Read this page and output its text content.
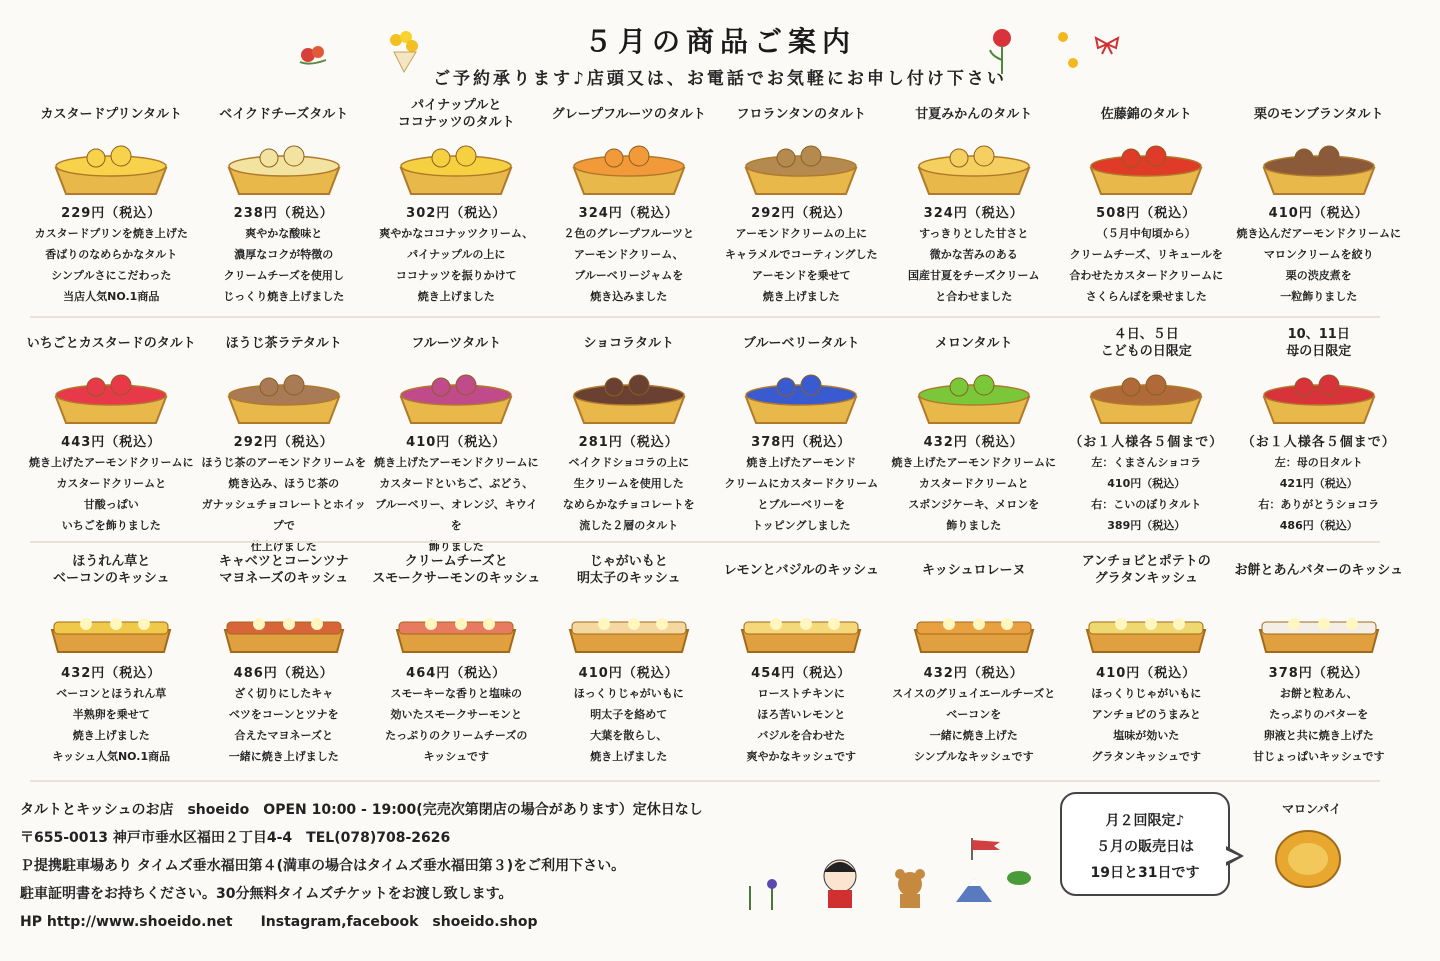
５月の商品ご案内
ご予約承ります♪店頭又は、お電話でお気軽にお申し付け下さい
カスタードプリンタルト
229円（税込）
カスタードプリンを焼き上げた
香ばりのなめらかなタルト
シンプルさにこだわった
当店人気NO.1商品
ベイクドチーズタルト
238円（税込）
爽やかな酸味と
濃厚なコクが特徴の
クリームチーズを使用し
じっくり焼き上げました
パイナップルと
ココナッツのタルト
302円（税込）
爽やかなココナッツクリーム、
パイナップルの上に
ココナッツを振りかけて
焼き上げました
グレープフルーツのタルト
324円（税込）
２色のグレープフルーツと
アーモンドクリーム、
ブルーベリージャムを
焼き込みました
フロランタンのタルト
292円（税込）
アーモンドクリームの上に
キャラメルでコーティングした
アーモンドを乗せて
焼き上げました
甘夏みかんのタルト
324円（税込）
すっきりとした甘さと
微かな苦みのある
国産甘夏をチーズクリーム
と合わせました
佐藤錦のタルト
508円（税込）
（５月中旬頃から）
クリームチーズ、リキュールを
合わせたカスタードクリームに
さくらんぼを乗せました
栗のモンブランタルト
410円（税込）
焼き込んだアーモンドクリームに
マロンクリームを絞り
栗の渋皮煮を
一粒飾りました
いちごとカスタードのタルト
443円（税込）
焼き上げたアーモンドクリームに
カスタードクリームと
甘酸っぱい
いちごを飾りました
ほうじ茶ラテタルト
292円（税込）
ほうじ茶のアーモンドクリームを
焼き込み、ほうじ茶の
ガナッシュチョコレートとホイップで
仕上げました
フルーツタルト
410円（税込）
焼き上げたアーモンドクリームに
カスタードといちご、ぶどう、
ブルーベリー、オレンジ、キウイを
飾りました
ショコラタルト
281円（税込）
ベイクドショコラの上に
生クリームを使用した
なめらかなチョコレートを
流した２層のタルト
ブルーベリータルト
378円（税込）
焼き上げたアーモンド
クリームにカスタードクリーム
とブルーベリーを
トッピングしました
メロンタルト
432円（税込）
焼き上げたアーモンドクリームに
カスタードクリームと
スポンジケーキ、メロンを
飾りました
４日、５日
こどもの日限定
（お１人様各５個まで）
左：くまさんショコラ
410円（税込）
右：こいのぼりタルト
389円（税込）
10、11日
母の日限定
（お１人様各５個まで）
左：母の日タルト
421円（税込）
右：ありがとうショコラ
486円（税込）
ほうれん草と
ベーコンのキッシュ
432円（税込）
ベーコンとほうれん草
半熟卵を乗せて
焼き上げました
キッシュ人気NO.1商品
キャベツとコーンツナ
マヨネーズのキッシュ
486円（税込）
ざく切りにしたキャ
ベツをコーンとツナを
合えたマヨネーズと
一緒に焼き上げました
クリームチーズと
スモークサーモンのキッシュ
464円（税込）
スモーキーな香りと塩味の
効いたスモークサーモンと
たっぷりのクリームチーズの
キッシュです
じゃがいもと
明太子のキッシュ
410円（税込）
ほっくりじゃがいもに
明太子を絡めて
大葉を散らし、
焼き上げました
レモンとバジルのキッシュ
454円（税込）
ローストチキンに
ほろ苦いレモンと
バジルを合わせた
爽やかなキッシュです
キッシュロレーヌ
432円（税込）
スイスのグリュイエールチーズと
ベーコンを
一緒に焼き上げた
シンプルなキッシュです
アンチョビとポテトの
グラタンキッシュ
410円（税込）
ほっくりじゃがいもに
アンチョビのうまみと
塩味が効いた
グラタンキッシュです
お餅とあんバターのキッシュ
378円（税込）
お餅と粒あん、
たっぷりのバターを
卵液と共に焼き上げた
甘じょっぱいキッシュです
タルトとキッシュのお店　shoeido　OPEN 10:00 - 19:00(完売次第閉店の場合があります）定休日なし
〒655-0013 神戸市垂水区福田２丁目4-4　TEL(078)708-2626
Ｐ提携駐車場あり タイムズ垂水福田第４(満車の場合はタイムズ垂水福田第３)をご利用下さい。
駐車証明書をお持ちください。30分無料タイムズチケットをお渡し致します。
HP http://www.shoeido.net　　Instagram,facebook　shoeido.shop
月２回限定♪
５月の販売日は
19日と31日です
マロンパイ
